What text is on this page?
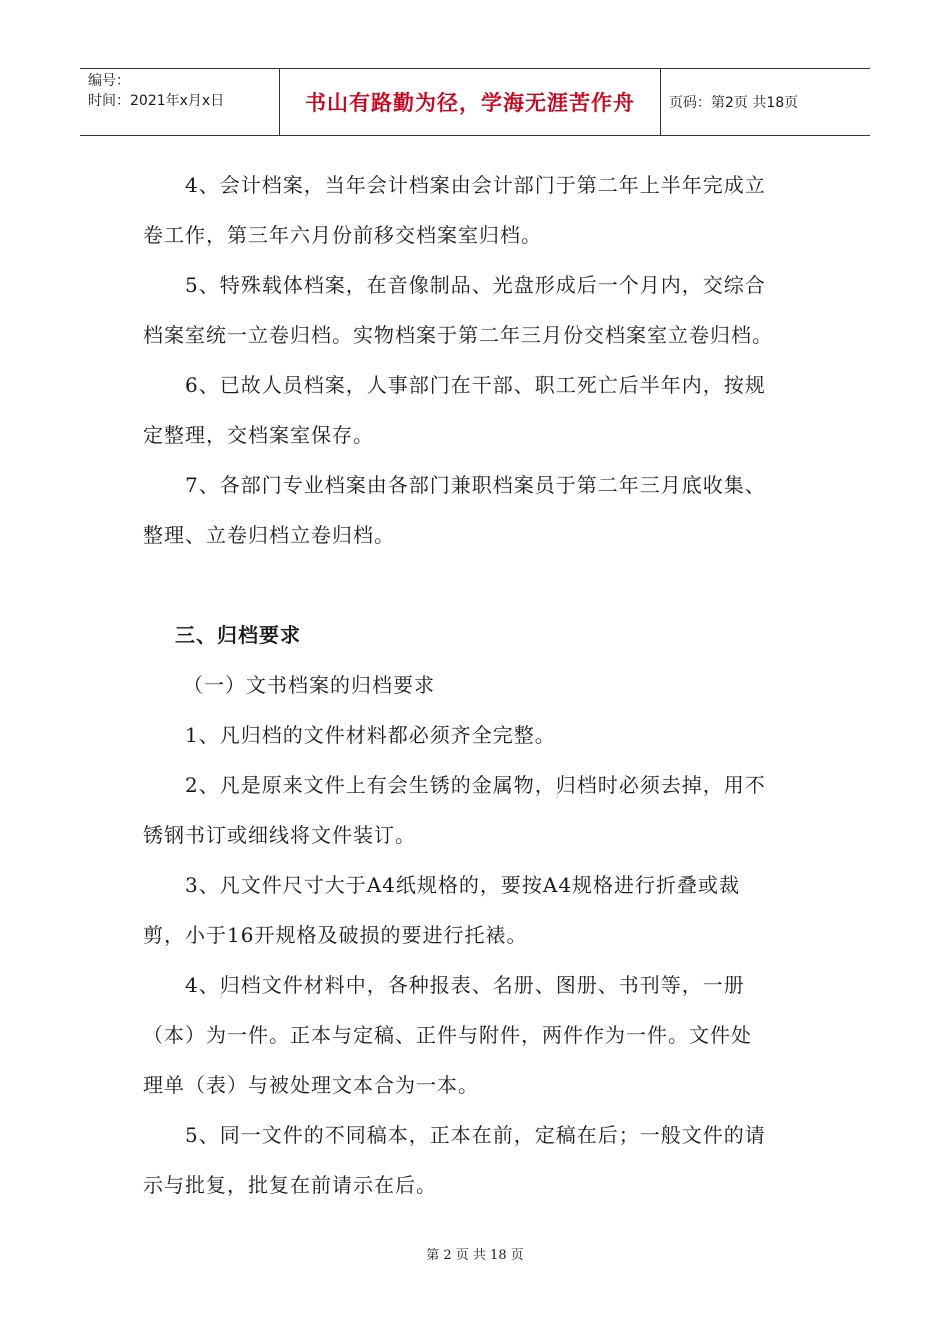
编号：
时间：2021年x月x日	书山有路勤为径，学海无涯苦作舟	页码：第2页 共18页

4、会计档案，当年会计档案由会计部门于第二年上半年完成立

卷工作，第三年六月份前移交档案室归档。

5、特殊载体档案，在音像制品、光盘形成后一个月内，交综合

档案室统一立卷归档。实物档案于第二年三月份交档案室立卷归档。

6、已故人员档案，人事部门在干部、职工死亡后半年内，按规

定整理，交档案室保存。

7、各部门专业档案由各部门兼职档案员于第二年三月底收集、

整理、立卷归档立卷归档。

三、归档要求

（一）文书档案的归档要求

1、凡归档的文件材料都必须齐全完整。

2、凡是原来文件上有会生锈的金属物，归档时必须去掉，用不

锈钢书订或细线将文件装订。

3、凡文件尺寸大于A4纸规格的，要按A4规格进行折叠或裁

剪，小于16开规格及破损的要进行托裱。

4、归档文件材料中，各种报表、名册、图册、书刊等，一册

（本）为一件。正本与定稿、正件与附件，两件作为一件。文件处

理单（表）与被处理文本合为一本。

5、同一文件的不同稿本，正本在前，定稿在后；一般文件的请

示与批复，批复在前请示在后。

第 2 页 共 18 页
